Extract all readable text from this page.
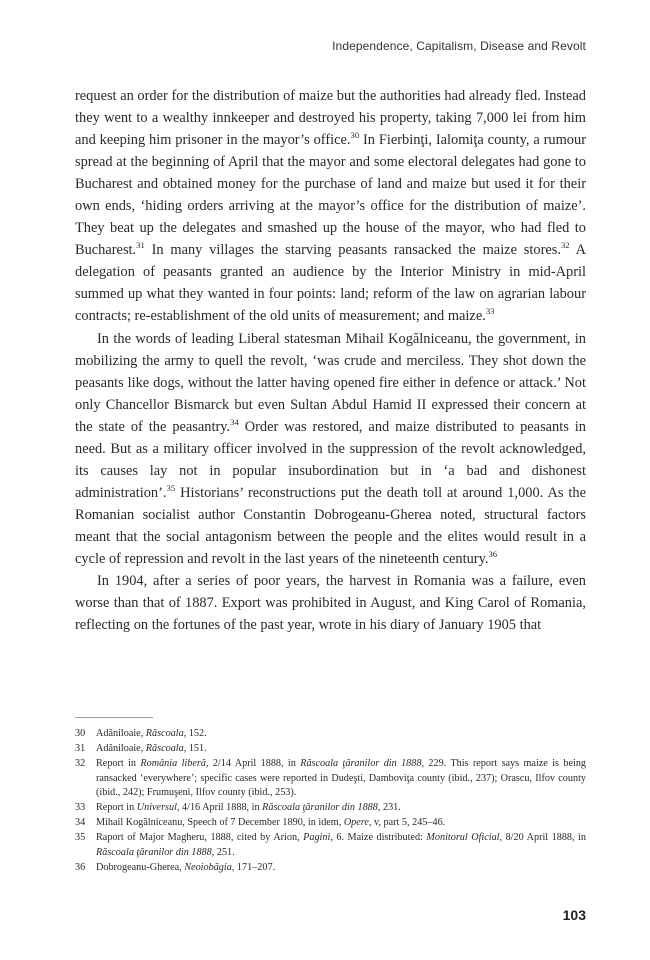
Independence, Capitalism, Disease and Revolt

request an order for the distribution of maize but the authorities had already fled. Instead they went to a wealthy innkeeper and destroyed his property, taking 7,000 lei from him and keeping him prisoner in the mayor’s office.$^{30}$ In Fierbinţi, Ialomiţa county, a rumour spread at the beginning of April that the mayor and some electoral delegates had gone to Bucharest and obtained money for the purchase of land and maize but used it for their own ends, ‘hiding orders arriving at the mayor’s office for the distribution of maize’. They beat up the delegates and smashed up the house of the mayor, who had fled to Bucharest.$^{31}$ In many villages the starving peasants ransacked the maize stores.$^{32}$ A delegation of peasants granted an audience by the Interior Ministry in mid-April summed up what they wanted in four points: land; reform of the law on agrarian labour contracts; re-establishment of the old units of measurement; and maize.$^{33}$

In the words of leading Liberal statesman Mihail Kogălniceanu, the government, in mobilizing the army to quell the revolt, ‘was crude and merciless. They shot down the peasants like dogs, without the latter having opened fire either in defence or attack.’ Not only Chancellor Bismarck but even Sultan Abdul Hamid II expressed their concern at the state of the peasantry.$^{34}$ Order was restored, and maize distributed to peasants in need. But as a military officer involved in the suppression of the revolt acknowledged, its causes lay not in popular insubordination but in ‘a bad and dishonest administration’.$^{35}$ Historians’ reconstructions put the death toll at around 1,000. As the Romanian socialist author Constantin Dobrogeanu-Gherea noted, structural factors meant that the social antagonism between the people and the elites would result in a cycle of repression and revolt in the last years of the nineteenth century.$^{36}$

In 1904, after a series of poor years, the harvest in Romania was a failure, even worse than that of 1887. Export was prohibited in August, and King Carol of Romania, reflecting on the fortunes of the past year, wrote in his diary of January 1905 that

30	Adăniloaie, Răscoala, 152.
31	Adăniloaie, Răscoala, 151.
32	Report in România liberă, 2/14 April 1888, in Răscoala ţăranilor din 1888, 229. This report says maize is being ransacked ‘everywhere’; specific cases were reported in Dudeşti, Damboviţa county (ibid., 237); Orascu, Ilfov county (ibid., 242); Frumuşeni, Ilfov county (ibid., 253).
33	Report in Universul, 4/16 April 1888, in Răscoala ţăranilor din 1888, 231.
34	Mihail Kogălniceanu, Speech of 7 December 1890, in idem, Opere, v, part 5, 245–46.
35	Raport of Major Magheru, 1888, cited by Arion, Pagini, 6. Maize distributed: Monitorul Oficial, 8/20 April 1888, in Răscoala ţăranilor din 1888, 251.
36	Dobrogeanu-Gherea, Neoiobăgia, 171–207.
103
